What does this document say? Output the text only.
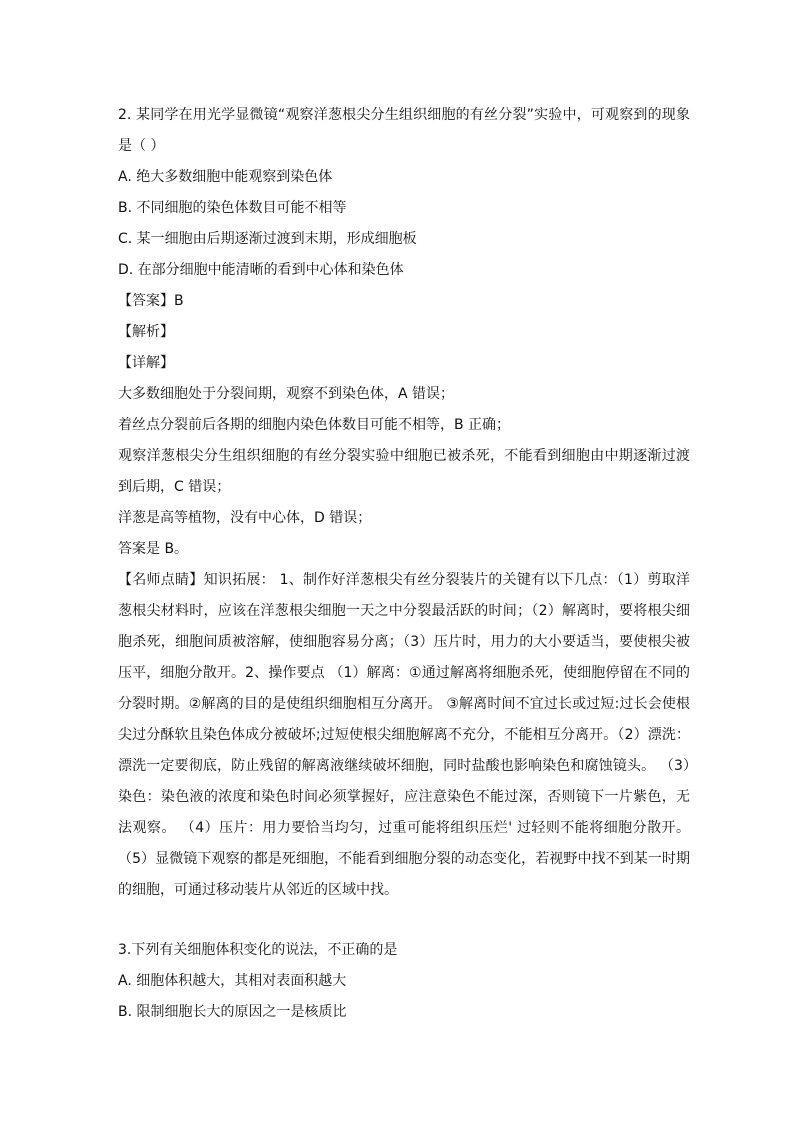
2. 某同学在用光学显微镜“观察洋葱根尖分生组织细胞的有丝分裂”实验中，可观察到的现象是（ ）

A. 绝大多数细胞中能观察到染色体

B. 不同细胞的染色体数目可能不相等

C. 某一细胞由后期逐渐过渡到末期，形成细胞板

D. 在部分细胞中能清晰的看到中心体和染色体

【答案】B

【解析】

【详解】

大多数细胞处于分裂间期，观察不到染色体，A 错误；

着丝点分裂前后各期的细胞内染色体数目可能不相等，B 正确；

观察洋葱根尖分生组织细胞的有丝分裂实验中细胞已被杀死，不能看到细胞由中期逐渐过渡到后期，C 错误；

洋葱是高等植物，没有中心体，D 错误；

答案是 B。

【名师点睛】知识拓展： 1、制作好洋葱根尖有丝分裂装片的关键有以下几点：（1）剪取洋葱根尖材料时，应该在洋葱根尖细胞一天之中分裂最活跃的时间；（2）解离时，要将根尖细胞杀死，细胞间质被溶解，使细胞容易分离；（3）压片时，用力的大小要适当，要使根尖被压平，细胞分散开。2、操作要点 （1）解离：①通过解离将细胞杀死，使细胞停留在不同的分裂时期。②解离的目的是使组织细胞相互分离开。 ③解离时间不宜过长或过短:过长会使根尖过分酥软且染色体成分被破坏;过短使根尖细胞解离不充分，不能相互分离开。（2）漂洗：漂洗一定要彻底，防止残留的解离液继续破坏细胞，同时盐酸也影响染色和腐蚀镜头。 （3）染色：染色液的浓度和染色时间必须掌握好，应注意染色不能过深，否则镜下一片紫色，无法观察。 （4）压片：用力要恰当均匀，过重可能将组织压烂' 过轻则不能将细胞分散开。 （5）显微镜下观察的都是死细胞，不能看到细胞分裂的动态变化，若视野中找不到某一时期的细胞，可通过移动装片从邻近的区域中找。

3.下列有关细胞体积变化的说法，不正确的是

A. 细胞体积越大，其相对表面积越大

B. 限制细胞长大的原因之一是核质比
